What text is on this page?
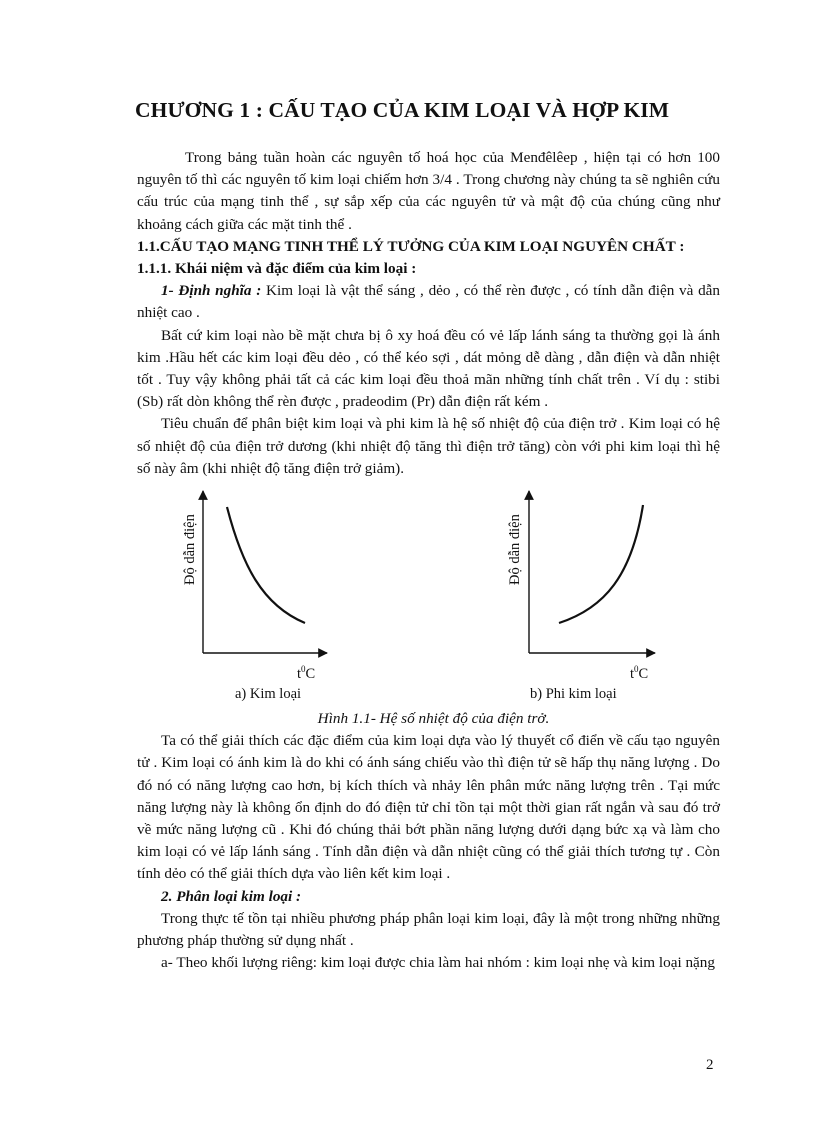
CHƯƠNG 1 : CẤU TẠO CỦA KIM LOẠI VÀ HỢP KIM

Trong bảng tuần hoàn các nguyên tố hoá học của Menđêlêep , hiện tại có hơn 100 nguyên tố thì các nguyên tố kim loại chiếm hơn 3/4 . Trong chương này chúng ta sẽ nghiên cứu cấu trúc của mạng tinh thể , sự sắp xếp của các nguyên tử và mật độ của chúng cũng như khoảng cách giữa các mặt tinh thể .

1.1.CẤU TẠO MẠNG TINH THỂ LÝ TƯỞNG CỦA KIM LOẠI NGUYÊN CHẤT :

1.1.1. Khái niệm và đặc điểm của kim loại :

1- Định nghĩa : Kim loại là vật thể sáng , dẻo , có thể rèn được , có tính dẫn điện và dẫn nhiệt cao .

Bất cứ kim loại nào bề mặt chưa bị ô xy hoá đều có vẻ lấp lánh sáng ta thường gọi là ánh kim .Hầu hết các kim loại đều dẻo , có thể kéo sợi , dát mỏng dễ dàng , dẫn điện và dẫn nhiệt tốt . Tuy vậy không phải tất cả các kim loại đều thoả mãn những tính chất trên . Ví dụ : stibi (Sb) rất dòn không thể rèn được , pradeodim (Pr) dẫn điện rất kém .

Tiêu chuẩn để phân biệt kim loại và phi kim là hệ số nhiệt độ của điện trở . Kim loại có hệ số nhiệt độ của điện trở dương (khi nhiệt độ tăng thì điện trở tăng) còn với phi kim loại thì hệ số này âm (khi nhiệt độ tăng điện trở giảm).

Độ dẫn điện
$t^0C$
a) Kim loại
Độ dẫn điện
$t^0C$
b) Phi kim loại

Hình 1.1- Hệ số nhiệt độ của điện trở.

Ta có thể giải thích các đặc điểm của kim loại dựa vào lý thuyết cổ điển về cấu tạo nguyên tử . Kim loại có ánh kim là do khi có ánh sáng chiếu vào thì điện tử sẽ hấp thụ năng lượng . Do đó nó có năng lượng cao hơn, bị kích thích và nhảy lên phân mức năng lượng trên . Tại mức năng lượng này là không ổn định do đó điện tử chỉ tồn tại một thời gian rất ngắn và sau đó trở về mức năng lượng cũ . Khi đó chúng thải bớt phần năng lượng dưới dạng bức xạ và làm cho kim loại có vẻ lấp lánh sáng . Tính dẫn điện và dẫn nhiệt cũng có thể giải thích tương tự . Còn tính dẻo có thể giải thích dựa vào liên kết kim loại .

2. Phân loại kim loại :

Trong thực tế tồn tại nhiều phương pháp phân loại kim loại, đây là một trong những những phương pháp thường sử dụng nhất .

a- Theo khối lượng riêng: kim loại được chia làm hai nhóm : kim loại nhẹ và kim loại nặng

2
